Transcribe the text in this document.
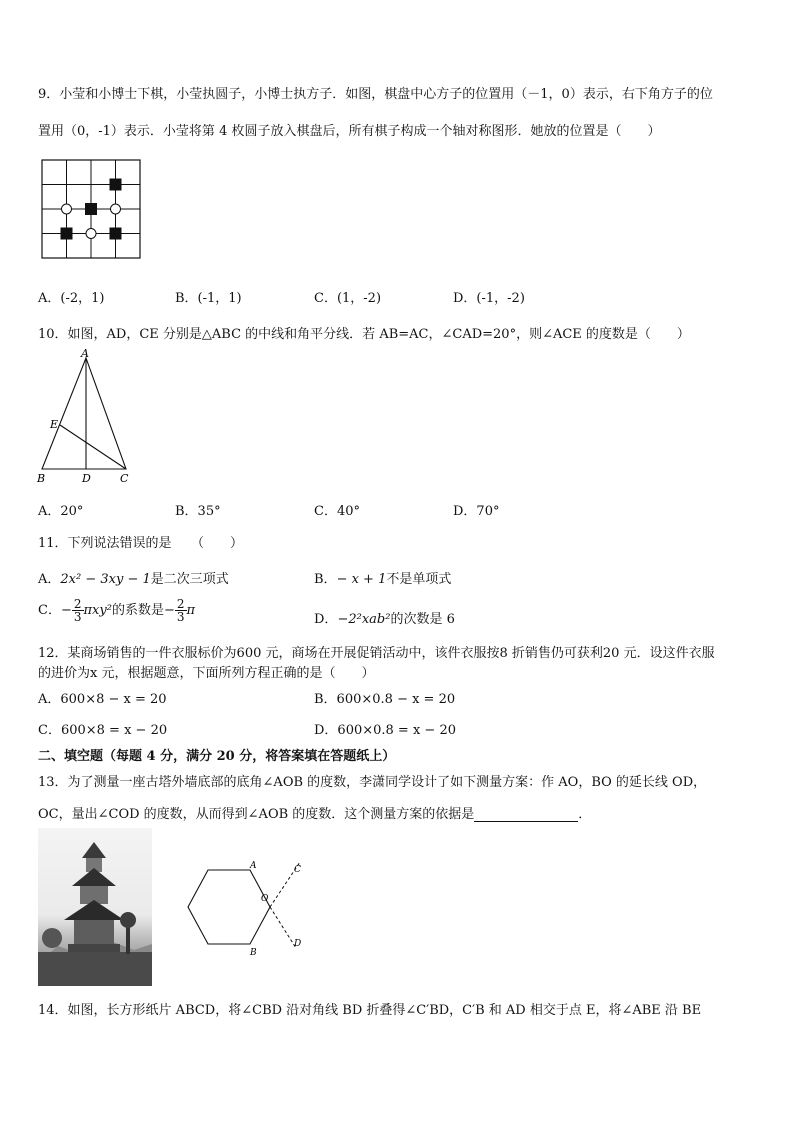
9．小莹和小博士下棋，小莹执圆子，小博士执方子．如图，棋盘中心方子的位置用（－1，0）表示，右下角方子的位
置用（0，-1）表示．小莹将第 4 枚圆子放入棋盘后，所有棋子构成一个轴对称图形．她放的位置是（　　）
A．(-2，1)	B．(-1，1)	C．(1，-2)	D．(-1，-2)
10．如图，AD，CE 分别是△ABC 的中线和角平分线．若 AB=AC，∠CAD=20°，则∠ACE 的度数是（　　）
A
E
B	D	C
A．20°	B．35°	C．40°	D．70°
11．下列说法错误的是　　（　　）
A．2x² − 3xy − 1是二次三项式	B．− x + 1不是单项式
C．− $\frac{2}{3} \pi xy^2$的系数是− $\frac{2}{3}$ π
D．−2²xab²的次数是 6
12．某商场销售的一件衣服标价为600 元，商场在开展促销活动中，该件衣服按8 折销售仍可获利20 元．设这件衣服
的进价为x 元，根据题意，下面所列方程正确的是（　　）
A．600×8 − x = 20	B．600×0.8 − x = 20
C．600×8 = x − 20	D．600×0.8 = x − 20
二、填空题（每题 4 分，满分 20 分，将答案填在答题纸上）
13．为了测量一座古塔外墙底部的底角∠AOB 的度数，李潇同学设计了如下测量方案：作 AO，BO 的延长线 OD，
OC，量出∠COD 的度数，从而得到∠AOB 的度数．这个测量方案的依据是	．
A
O
C
B
D
14．如图，长方形纸片 ABCD，将∠CBD 沿对角线 BD 折叠得∠C′BD，C′B 和 AD 相交于点 E，将∠ABE 沿 BE
